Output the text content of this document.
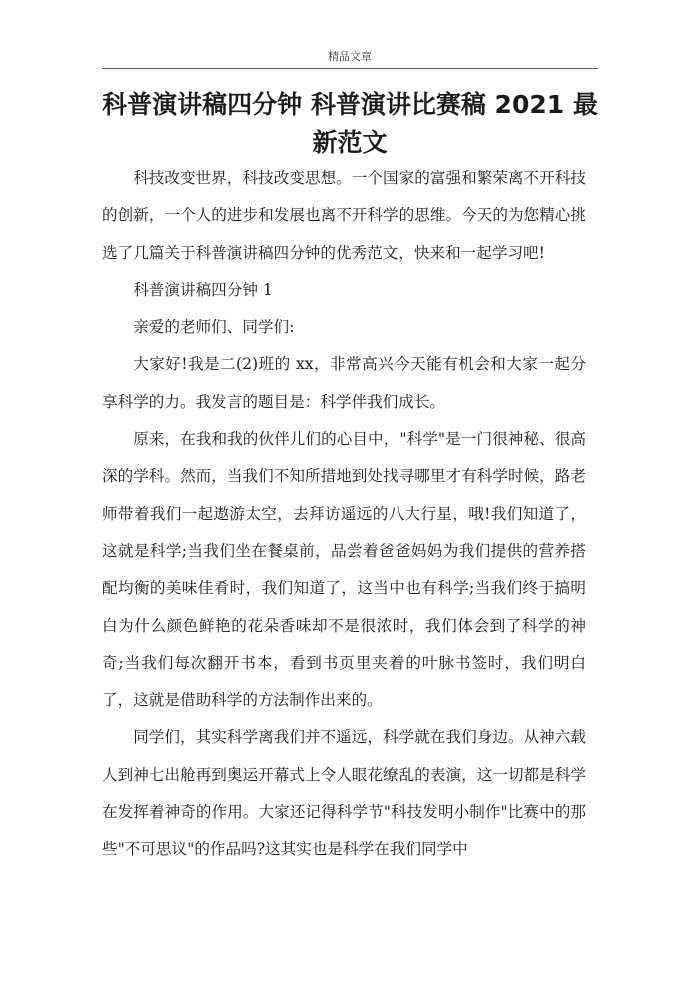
精品文章
科普演讲稿四分钟 科普演讲比赛稿 2021 最新范文

科技改变世界，科技改变思想。一个国家的富强和繁荣离不开科技的创新，一个人的进步和发展也离不开科学的思维。今天的为您精心挑选了几篇关于科普演讲稿四分钟的优秀范文，快来和一起学习吧!

科普演讲稿四分钟 1

亲爱的老师们、同学们:

大家好!我是二(2)班的 xx，非常高兴今天能有机会和大家一起分享科学的力。我发言的题目是：科学伴我们成长。

原来，在我和我的伙伴儿们的心目中，"科学"是一门很神秘、很高深的学科。然而，当我们不知所措地到处找寻哪里才有科学时候，路老师带着我们一起遨游太空，去拜访遥远的八大行星，哦!我们知道了，这就是科学;当我们坐在餐桌前，品尝着爸爸妈妈为我们提供的营养搭配均衡的美味佳肴时，我们知道了，这当中也有科学;当我们终于搞明白为什么颜色鲜艳的花朵香味却不是很浓时，我们体会到了科学的神奇;当我们每次翻开书本，看到书页里夹着的叶脉书签时，我们明白了，这就是借助科学的方法制作出来的。

同学们，其实科学离我们并不遥远，科学就在我们身边。从神六载人到神七出舱再到奥运开幕式上令人眼花缭乱的表演，这一切都是科学在发挥着神奇的作用。大家还记得科学节"科技发明小制作"比赛中的那些"不可思议"的作品吗?这其实也是科学在我们同学中
